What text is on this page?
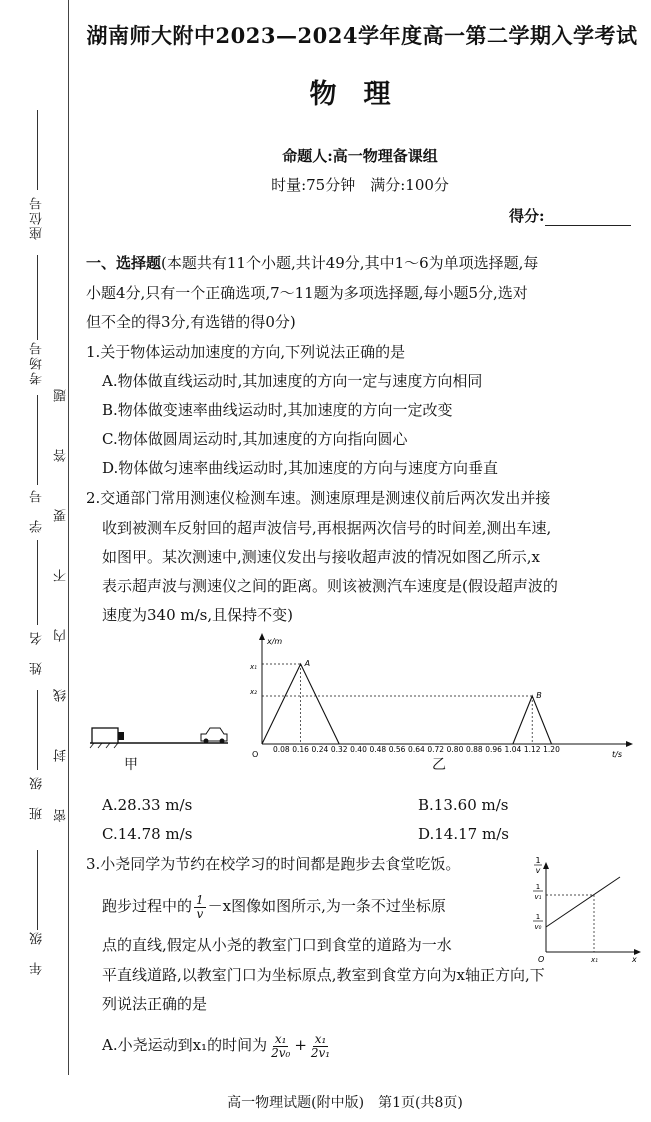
座位号
考场号
学　号
姓　名
班　级
年　级
密　封　线　内　不　要　答　题
湖南师大附中2023—2024学年度高一第二学期入学考试
物　理
命题人:高一物理备课组
时量:75分钟　满分:100分
得分:
一、选择题(本题共有11个小题,共计49分,其中1～6为单项选择题,每
小题4分,只有一个正确选项,7～11题为多项选择题,每小题5分,选对
但不全的得3分,有选错的得0分)
1.关于物体运动加速度的方向,下列说法正确的是
A.物体做直线运动时,其加速度的方向一定与速度方向相同
B.物体做变速率曲线运动时,其加速度的方向一定改变
C.物体做圆周运动时,其加速度的方向指向圆心
D.物体做匀速率曲线运动时,其加速度的方向与速度方向垂直
2.交通部门常用测速仪检测车速。测速原理是测速仪前后两次发出并接
收到被测车反射回的超声波信号,再根据两次信号的时间差,测出车速,
如图甲。某次测速中,测速仪发出与接收超声波的情况如图乙所示,x
表示超声波与测速仪之间的距离。则该被测汽车速度是(假设超声波的
速度为340 m/s,且保持不变)
甲
x/m
t/s
O
x₁
x₂
0.08 0.16 0.24 0.32 0.40 0.48 0.56 0.64 0.72 0.80 0.88 0.96 1.04 1.12 1.20
A
B
乙
A.28.33 m/s	B.13.60 m/s
C.14.78 m/s	D.14.17 m/s
3.小尧同学为节约在校学习的时间都是跑步去食堂吃饭。
跑步过程中的 $\frac{1}{v} -x$图像如图所示,为一条不过坐标原
点的直线,假定从小尧的教室门口到食堂的道路为一水
平直线道路,以教室门口为坐标原点,教室到食堂方向为x轴正方向,下
列说法正确的是
A.小尧运动到x₁的时间为 $\frac{\text{x₁}}{\text{2v₀}} + \frac{\text{x₁}}{\text{2v₁}}$
1
v
1
v₁
1
v₀
O	x₁	x
高一物理试题(附中版)　第1页(共8页)
